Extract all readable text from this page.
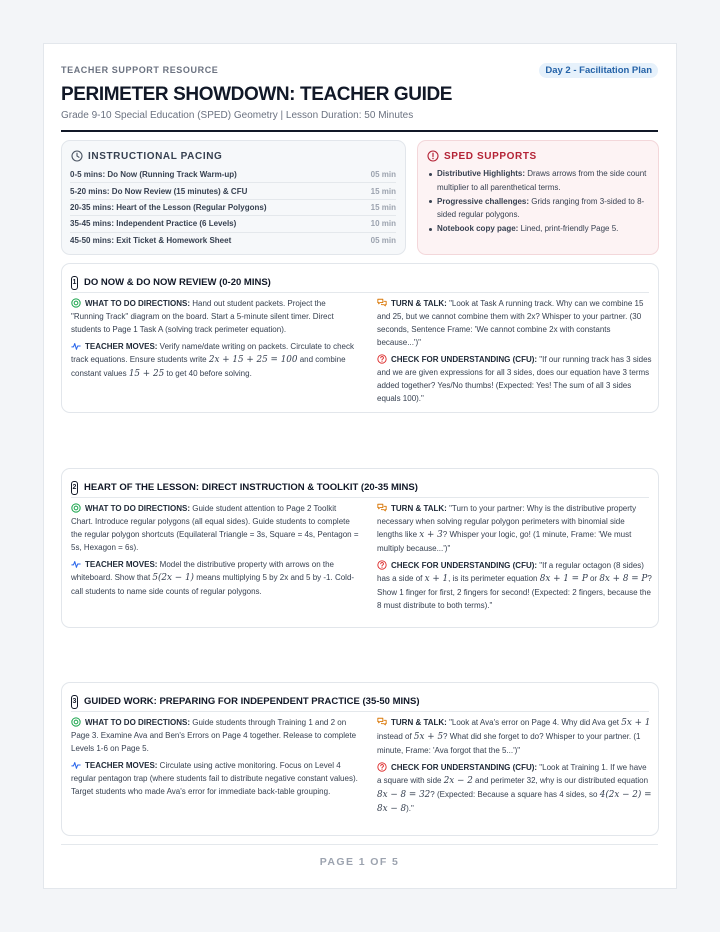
TEACHER SUPPORT RESOURCE	Day 2 - Facilitation Plan
PERIMETER SHOWDOWN: TEACHER GUIDE
Grade 9-10 Special Education (SPED) Geometry | Lesson Duration: 50 Minutes
INSTRUCTIONAL PACING
0-5 mins: Do Now (Running Track Warm-up)	05 min
5-20 mins: Do Now Review (15 minutes) & CFU	15 min
20-35 mins: Heart of the Lesson (Regular Polygons)	15 min
35-45 mins: Independent Practice (6 Levels)	10 min
45-50 mins: Exit Ticket & Homework Sheet	05 min
SPED SUPPORTS
Distributive Highlights: Draws arrows from the side count multiplier to all parenthetical terms.
Progressive challenges: Grids ranging from 3-sided to 8-sided regular polygons.
Notebook copy page: Lined, print-friendly Page 5.
1 DO NOW & DO NOW REVIEW (0-20 MINS)
WHAT TO DO DIRECTIONS: Hand out student packets. Project the "Running Track" diagram on the board. Start a 5-minute silent timer. Direct students to Page 1 Task A (solving track perimeter equation).
TEACHER MOVES: Verify name/date writing on packets. Circulate to check track equations. Ensure students write 2x + 15 + 25 = 100 and combine constant values 15 + 25 to get 40 before solving.
TURN & TALK: "Look at Task A running track. Why can we combine 15 and 25, but we cannot combine them with 2x? Whisper to your partner. (30 seconds, Sentence Frame: 'We cannot combine 2x with constants because...')"
CHECK FOR UNDERSTANDING (CFU): "If our running track has 3 sides and we are given expressions for all 3 sides, does our equation have 3 terms added together? Yes/No thumbs! (Expected: Yes! The sum of all 3 sides equals 100)."
2 HEART OF THE LESSON: DIRECT INSTRUCTION & TOOLKIT (20-35 MINS)
WHAT TO DO DIRECTIONS: Guide student attention to Page 2 Toolkit Chart. Introduce regular polygons (all equal sides). Guide students to complete the regular polygon shortcuts (Equilateral Triangle = 3s, Square = 4s, Pentagon = 5s, Hexagon = 6s).
TEACHER MOVES: Model the distributive property with arrows on the whiteboard. Show that 5(2x − 1) means multiplying 5 by 2x and 5 by -1. Cold-call students to name side counts of regular polygons.
TURN & TALK: "Turn to your partner: Why is the distributive property necessary when solving regular polygon perimeters with binomial side lengths like x + 3? Whisper your logic, go! (1 minute, Frame: 'We must multiply because...')"
CHECK FOR UNDERSTANDING (CFU): "If a regular octagon (8 sides) has a side of x + 1, is its perimeter equation 8x + 1 = P or 8x + 8 = P? Show 1 finger for first, 2 fingers for second! (Expected: 2 fingers, because the 8 must distribute to both terms)."
3 GUIDED WORK: PREPARING FOR INDEPENDENT PRACTICE (35-50 MINS)
WHAT TO DO DIRECTIONS: Guide students through Training 1 and 2 on Page 3. Examine Ava and Ben's Errors on Page 4 together. Release to complete Levels 1-6 on Page 5.
TEACHER MOVES: Circulate using active monitoring. Focus on Level 4 regular pentagon trap (where students fail to distribute negative constant values). Target students who made Ava's error for immediate back-table grouping.
TURN & TALK: "Look at Ava's error on Page 4. Why did Ava get 5x + 1 instead of 5x + 5? What did she forget to do? Whisper to your partner. (1 minute, Frame: 'Ava forgot that the 5...')"
CHECK FOR UNDERSTANDING (CFU): "Look at Training 1. If we have a square with side 2x − 2 and perimeter 32, why is our distributed equation 8x − 8 = 32? (Expected: Because a square has 4 sides, so 4(2x − 2) = 8x − 8)."
PAGE 1 OF 5
